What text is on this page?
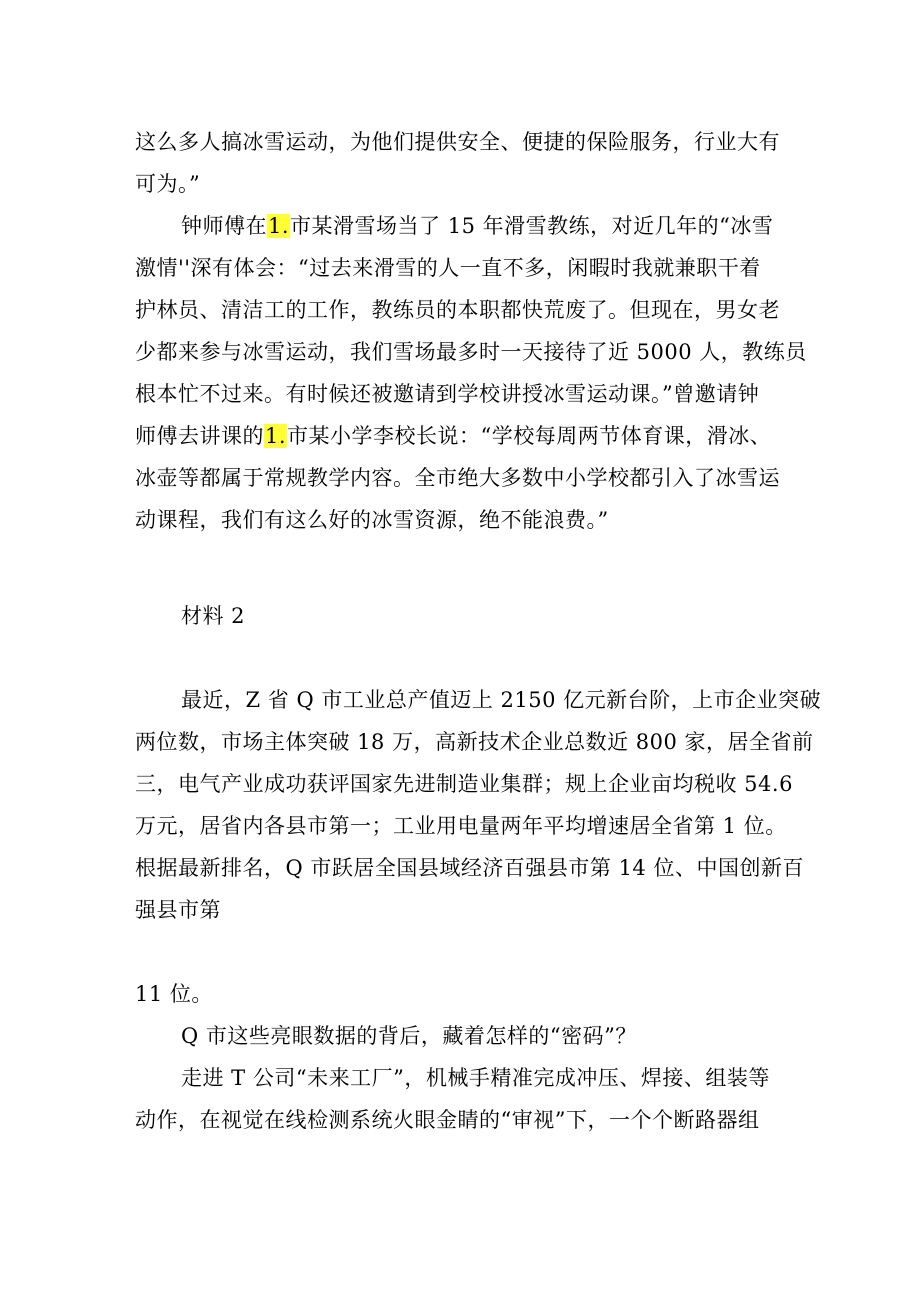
这么多人搞冰雪运动，为他们提供安全、便捷的保险服务，行业大有
可为。”
钟师傅在1.市某滑雪场当了 15 年滑雪教练，对近几年的“冰雪
激情''深有体会：“过去来滑雪的人一直不多，闲暇时我就兼职干着
护林员、清洁工的工作，教练员的本职都快荒废了。但现在，男女老
少都来参与冰雪运动，我们雪场最多时一天接待了近 5000 人，教练员
根本忙不过来。有时候还被邀请到学校讲授冰雪运动课。”曾邀请钟
师傅去讲课的1.市某小学李校长说：“学校每周两节体育课，滑冰、
冰壶等都属于常规教学内容。全市绝大多数中小学校都引入了冰雪运
动课程，我们有这么好的冰雪资源，绝不能浪费。”
材料 2
最近，Z 省 Q 市工业总产值迈上 2150 亿元新台阶，上市企业突破
两位数，市场主体突破 18 万，高新技术企业总数近 800 家，居全省前
三，电气产业成功获评国家先进制造业集群；规上企业亩均税收 54.6
万元，居省内各县市第一；工业用电量两年平均增速居全省第 1 位。
根据最新排名，Q 市跃居全国县域经济百强县市第 14 位、中国创新百
强县市第
11 位。
Q 市这些亮眼数据的背后，藏着怎样的“密码”？
走进 T 公司“未来工厂”，机械手精准完成冲压、焊接、组装等
动作，在视觉在线检测系统火眼金睛的“审视”下，一个个断路器组
